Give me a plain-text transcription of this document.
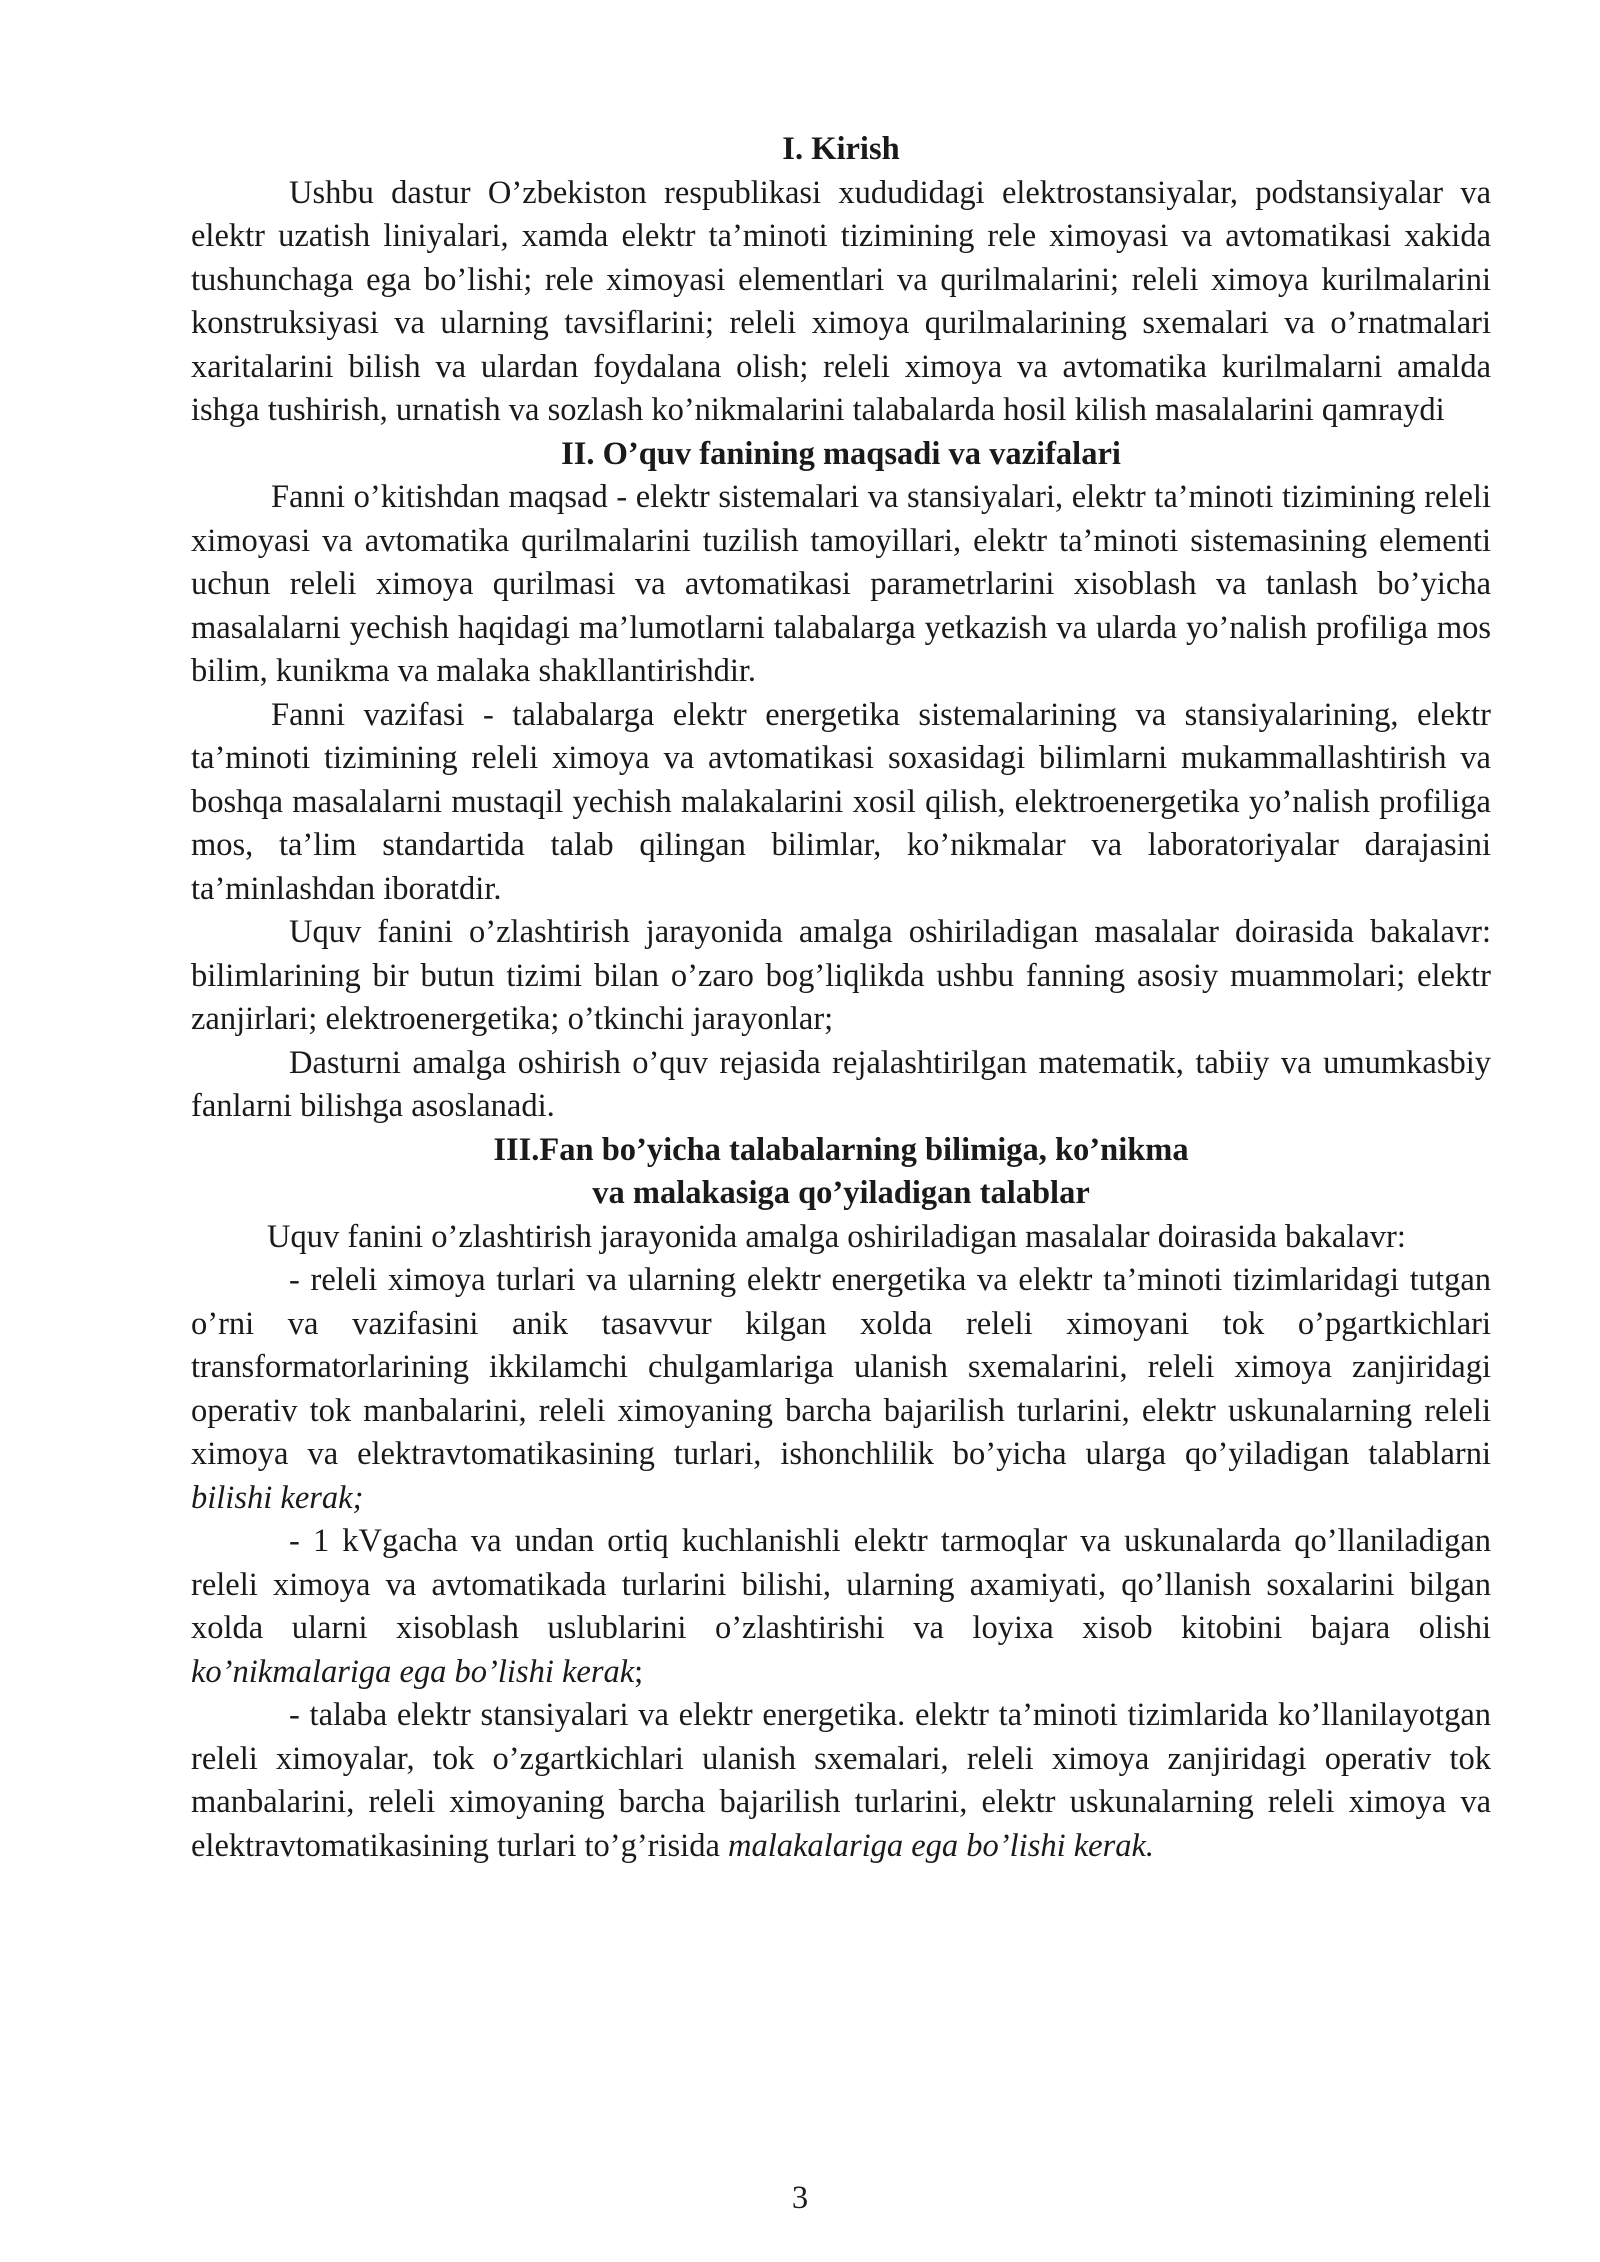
I. Kirish

Ushbu dastur O’zbekiston respublikasi xududidagi elektrostansiyalar, podstansiyalar va elektr uzatish liniyalari, xamda elektr ta’minoti tizimining rele ximoyasi va avtomatikasi xakida tushunchaga ega bo’lishi; rele ximoyasi elementlari va qurilmalarini; releli ximoya kurilmalarini konstruksiyasi va ularning tavsiflarini; releli ximoya qurilmalarining sxemalari va o’rnatmalari xaritalarini bilish va ulardan foydalana olish; releli ximoya va avtomatika kurilmalarni amalda ishga tushirish, urnatish va sozlash ko’nikmalarini talabalarda hosil kilish masalalarini qamraydi

II. O’quv fanining maqsadi va vazifalari

Fanni o’kitishdan maqsad - elektr sistemalari va stansiyalari, elektr ta’minoti tizimining releli ximoyasi va avtomatika qurilmalarini tuzilish tamoyillari, elektr ta’minoti sistemasining elementi uchun releli ximoya qurilmasi va avtomatikasi parametrlarini xisoblash va tanlash bo’yicha masalalarni yechish haqidagi ma’lumotlarni talabalarga yetkazish va ularda yo’nalish profiliga mos bilim, kunikma va malaka shakllantirishdir.

Fanni vazifasi - talabalarga elektr energetika sistemalarining va stansiyalarining, elektr ta’minoti tizimining releli ximoya va avtomatikasi soxasidagi bilimlarni mukammallashtirish va boshqa masalalarni mustaqil yechish malakalarini xosil qilish, elektroenergetika yo’nalish profiliga mos, ta’lim standartida talab qilingan bilimlar, ko’nikmalar va laboratoriyalar darajasini ta’minlashdan iboratdir.

Uquv fanini o’zlashtirish jarayonida amalga oshiriladigan masalalar doirasida bakalavr: bilimlarining bir butun tizimi bilan o’zaro bog’liqlikda ushbu fanning asosiy muammolari; elektr zanjirlari; elektroenergetika; o’tkinchi jarayonlar;

Dasturni amalga oshirish o’quv rejasida rejalashtirilgan matematik, tabiiy va umumkasbiy fanlarni bilishga asoslanadi.

III.Fan bo’yicha talabalarning bilimiga, ko’nikma

va malakasiga qo’yiladigan talablar

Uquv fanini o’zlashtirish jarayonida amalga oshiriladigan masalalar doirasida bakalavr:

- releli ximoya turlari va ularning elektr energetika va elektr ta’minoti tizimlaridagi tutgan o’rni va vazifasini anik tasavvur kilgan xolda releli ximoyani tok o’pgartkichlari transformatorlarining ikkilamchi chulgamlariga ulanish sxemalarini, releli ximoya zanjiridagi operativ tok manbalarini, releli ximoyaning barcha bajarilish turlarini, elektr uskunalarning releli ximoya va elektravtomatikasining turlari, ishonchlilik bo’yicha ularga qo’yiladigan talablarni bilishi kerak;

- 1 kVgacha va undan ortiq kuchlanishli elektr tarmoqlar va uskunalarda qo’llaniladigan releli ximoya va avtomatikada turlarini bilishi, ularning axamiyati, qo’llanish soxalarini bilgan xolda ularni xisoblash uslublarini o’zlashtirishi va loyixa xisob kitobini bajara olishi ko’nikmalariga ega bo’lishi kerak;

- talaba elektr stansiyalari va elektr energetika. elektr ta’minoti tizimlarida ko’llanilayotgan releli ximoyalar, tok o’zgartkichlari ulanish sxemalari, releli ximoya zanjiridagi operativ tok manbalarini, releli ximoyaning barcha bajarilish turlarini, elektr uskunalarning releli ximoya va elektravtomatikasining turlari to’g’risida malakalariga ega bo’lishi kerak.

3
